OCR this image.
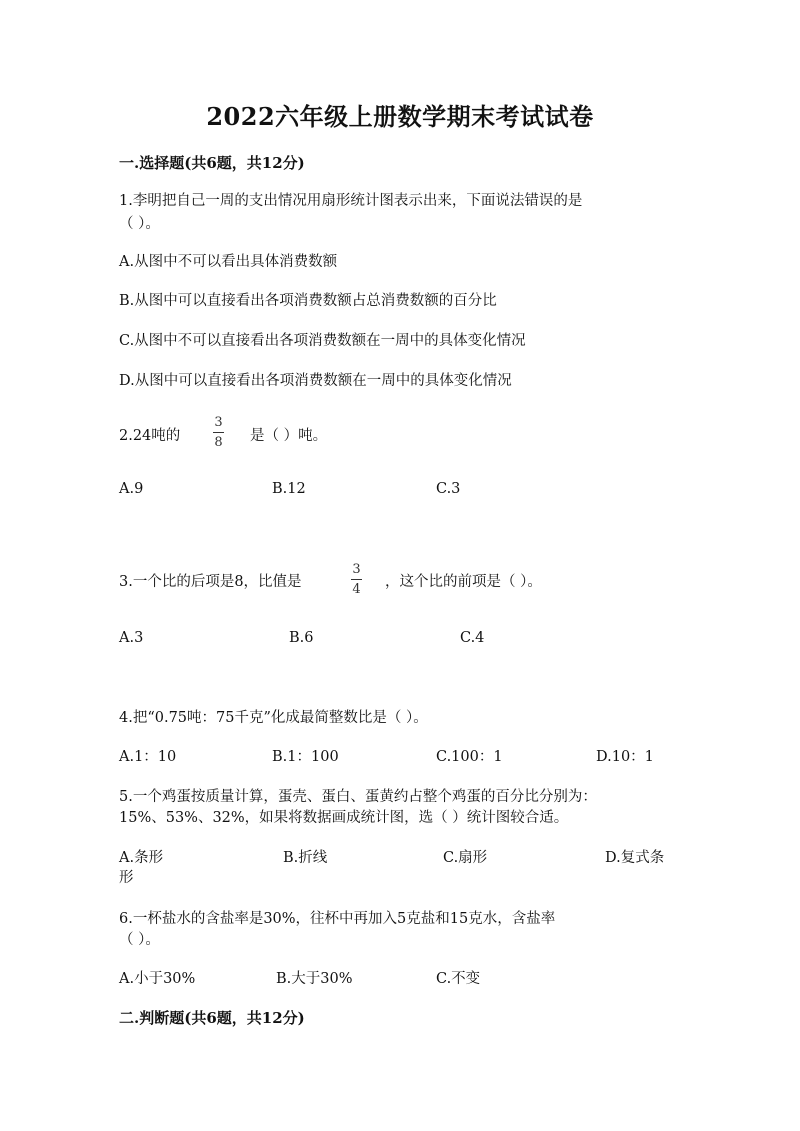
2022六年级上册数学期末考试试卷
一.选择题(共6题，共12分)
1.李明把自己一周的支出情况用扇形统计图表示出来，下面说法错误的是
（ ）。
A.从图中不可以看出具体消费数额
B.从图中可以直接看出各项消费数额占总消费数额的百分比
C.从图中不可以直接看出各项消费数额在一周中的具体变化情况
D.从图中可以直接看出各项消费数额在一周中的具体变化情况
2.24吨的
3
8 是（ ）吨。
A.9	B.12	C.3
3.一个比的后项是8，比值是
3
4 ，这个比的前项是（ ）。
A.3	B.6	C.4
4.把“0.75吨：75千克”化成最简整数比是（ ）。
A.1：10	B.1：100	C.100：1	D.10：1
5.一个鸡蛋按质量计算，蛋壳、蛋白、蛋黄约占整个鸡蛋的百分比分别为：
15%、53%、32%，如果将数据画成统计图，选（ ）统计图较合适。
A.条形	B.折线	C.扇形	D.复式条
形
6.一杯盐水的含盐率是30%，往杯中再加入5克盐和15克水，含盐率
（ ）。
A.小于30%	B.大于30%	C.不变
二.判断题(共6题，共12分)
